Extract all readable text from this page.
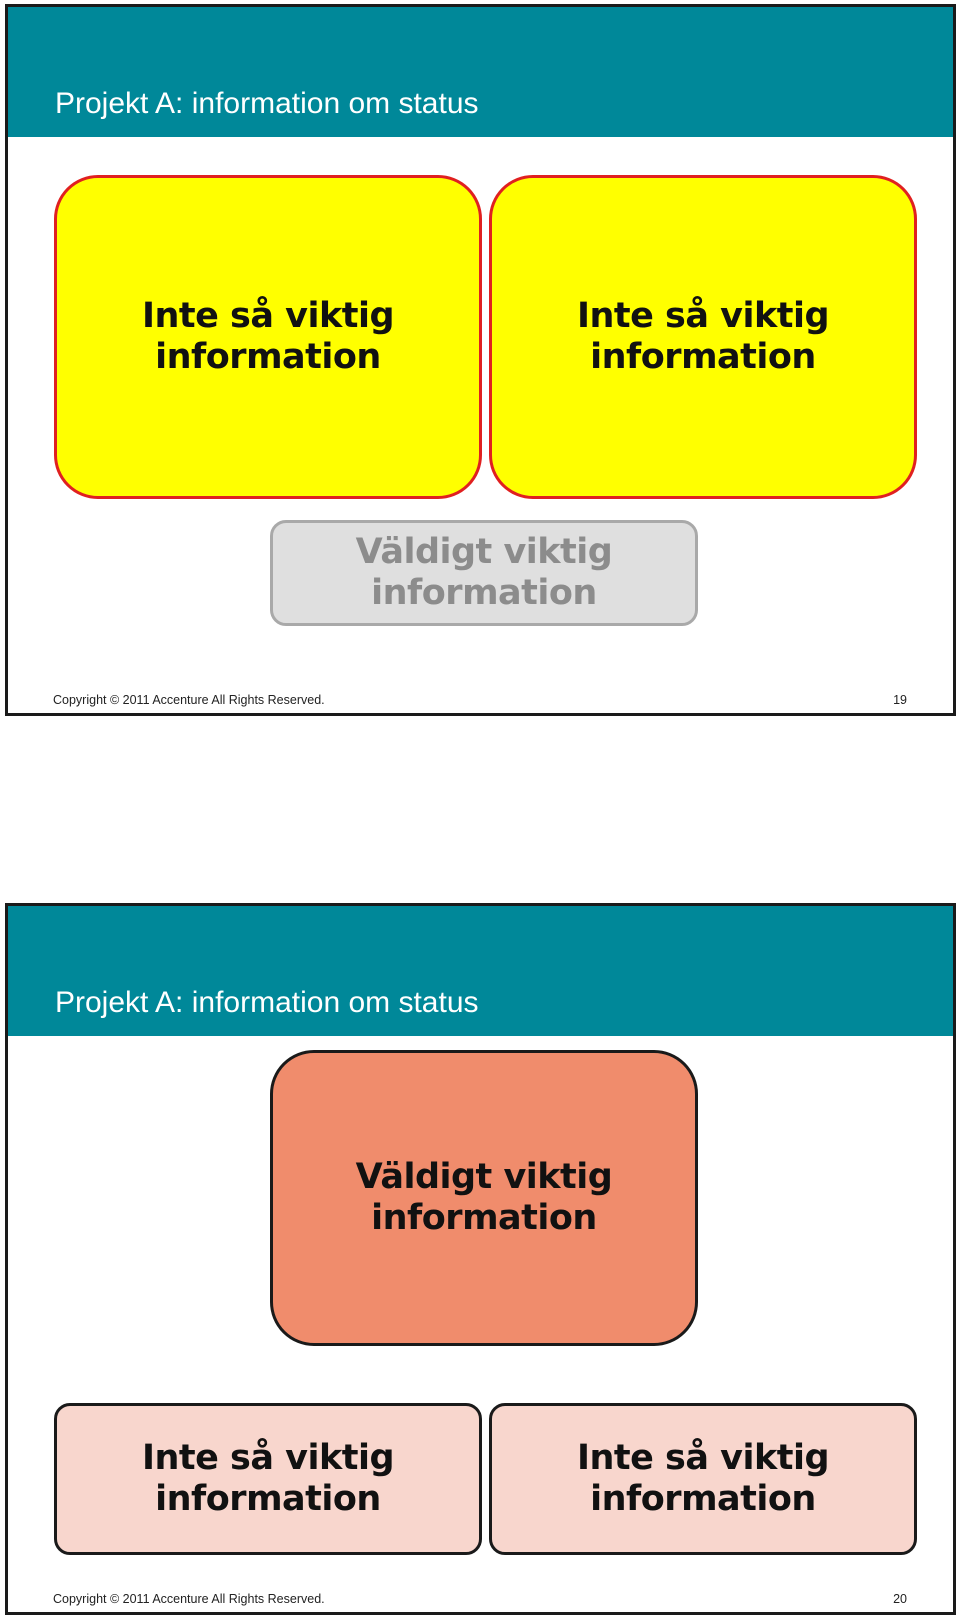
Projekt A: information om status
Inte så viktig
information
Inte så viktig
information
Väldigt viktig
information
Copyright © 2011 Accenture All Rights Reserved.	19
Projekt A: information om status
Väldigt viktig
information
Inte så viktig
information
Inte så viktig
information
Copyright © 2011 Accenture All Rights Reserved.	20
